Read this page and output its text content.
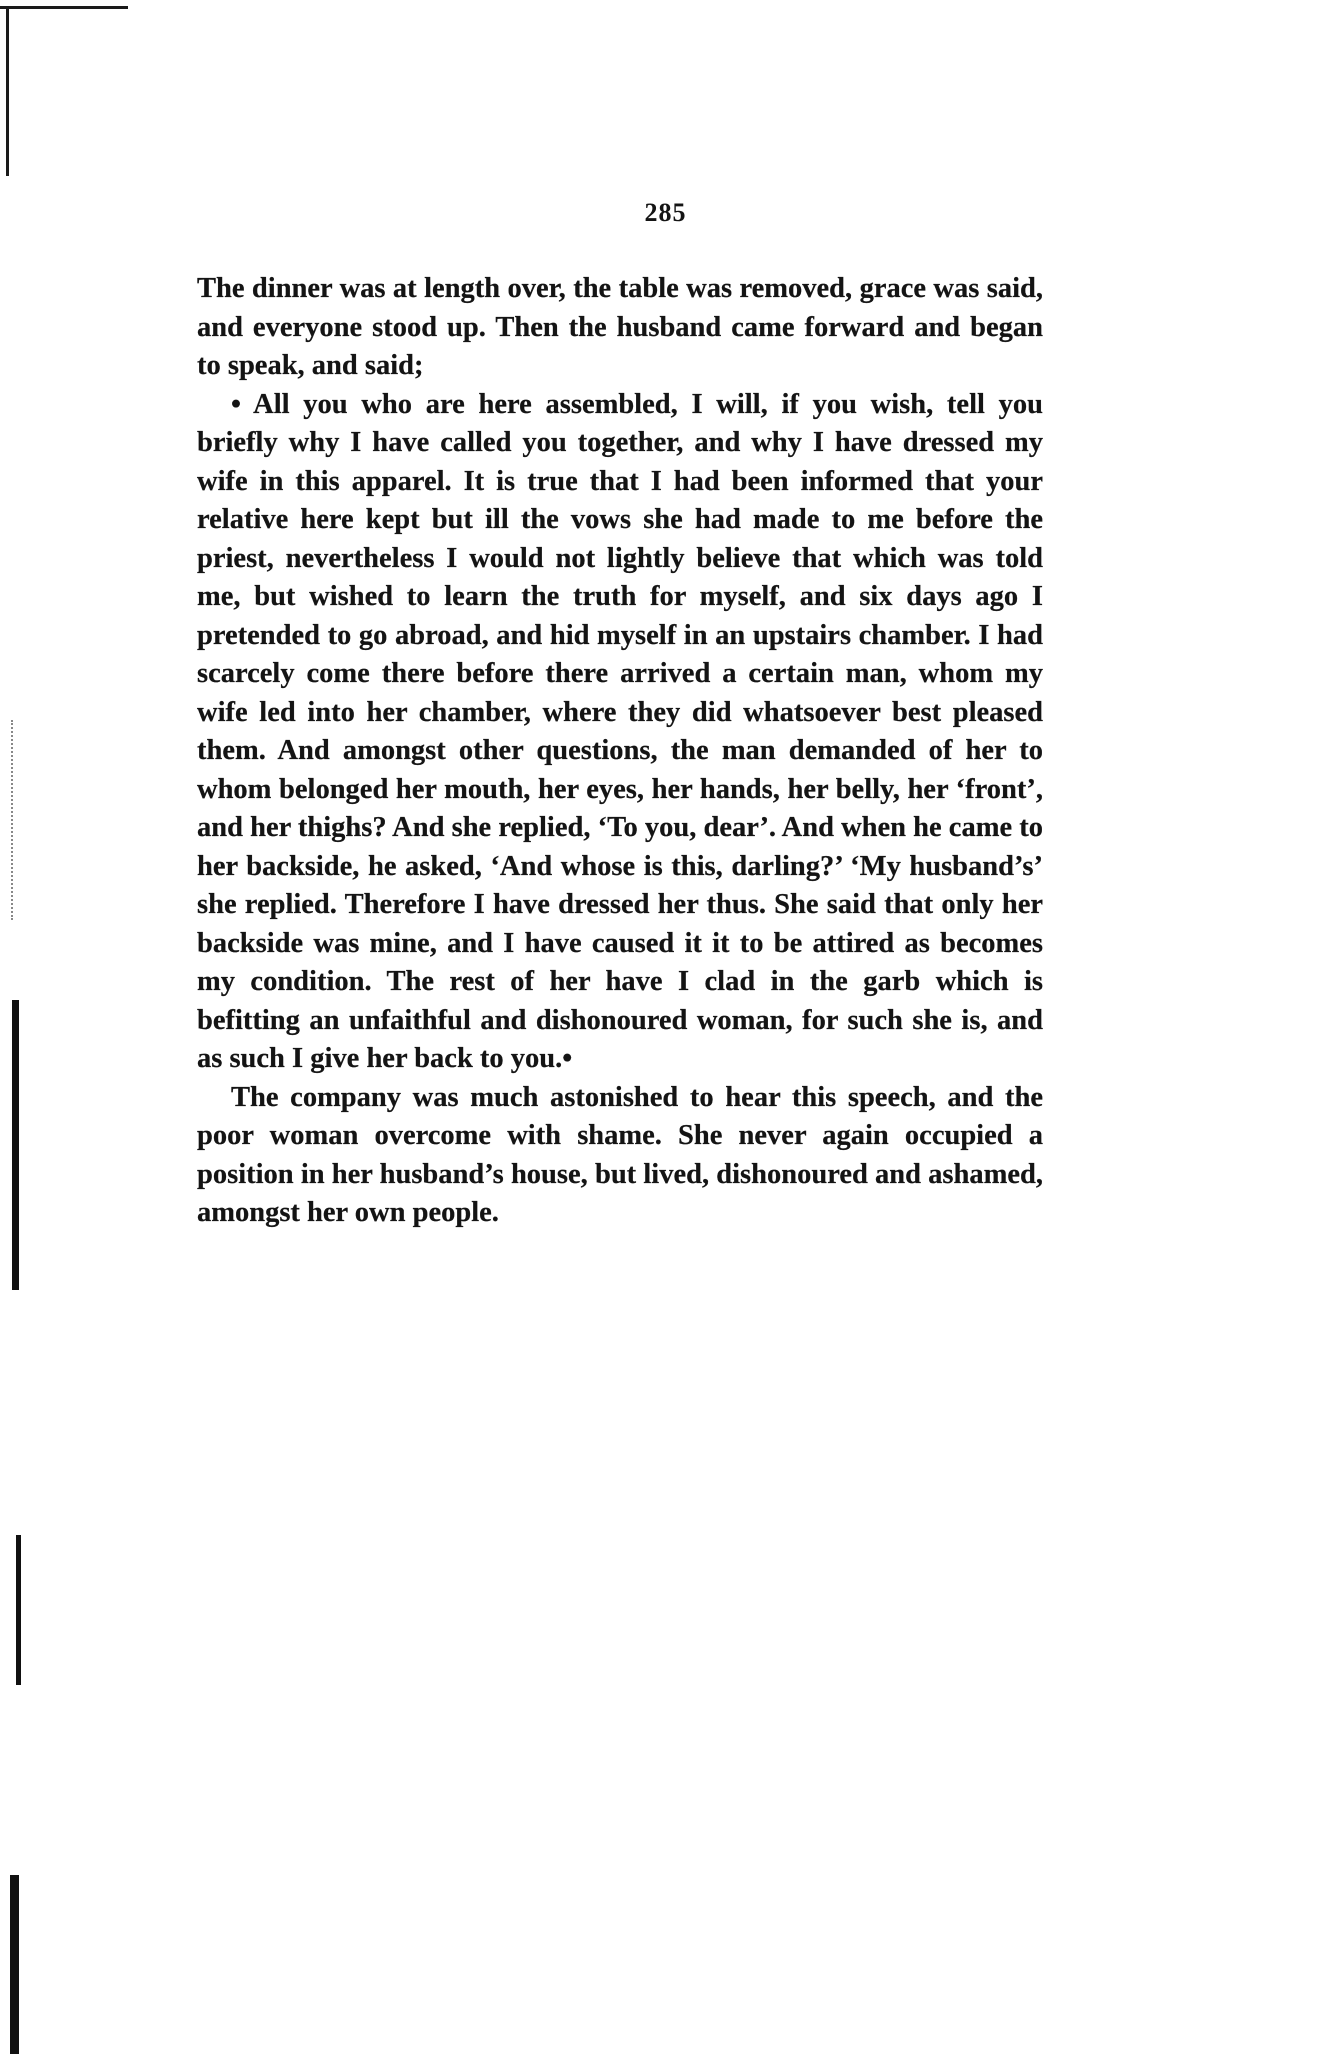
285

The dinner was at length over, the table was removed, grace was said, and everyone stood up. Then the husband came forward and began to speak, and said;

• All you who are here assembled, I will, if you wish, tell you briefly why I have called you together, and why I have dressed my wife in this apparel. It is true that I had been informed that your relative here kept but ill the vows she had made to me before the priest, nevertheless I would not lightly believe that which was told me, but wished to learn the truth for myself, and six days ago I pretended to go abroad, and hid myself in an upstairs chamber. I had scarcely come there before there arrived a certain man, whom my wife led into her chamber, where they did whatsoever best pleased them. And amongst other questions, the man demanded of her to whom belonged her mouth, her eyes, her hands, her belly, her ‘front’, and her thighs? And she replied, ‘To you, dear’. And when he came to her backside, he asked, ‘And whose is this, darling?’ ‘My husband’s’ she replied. Therefore I have dressed her thus. She said that only her backside was mine, and I have caused it it to be attired as becomes my condition. The rest of her have I clad in the garb which is befitting an unfaithful and dishonoured woman, for such she is, and as such I give her back to you.•

The company was much astonished to hear this speech, and the poor woman overcome with shame. She never again occupied a position in her husband’s house, but lived, dishonoured and ashamed, amongst her own people.
